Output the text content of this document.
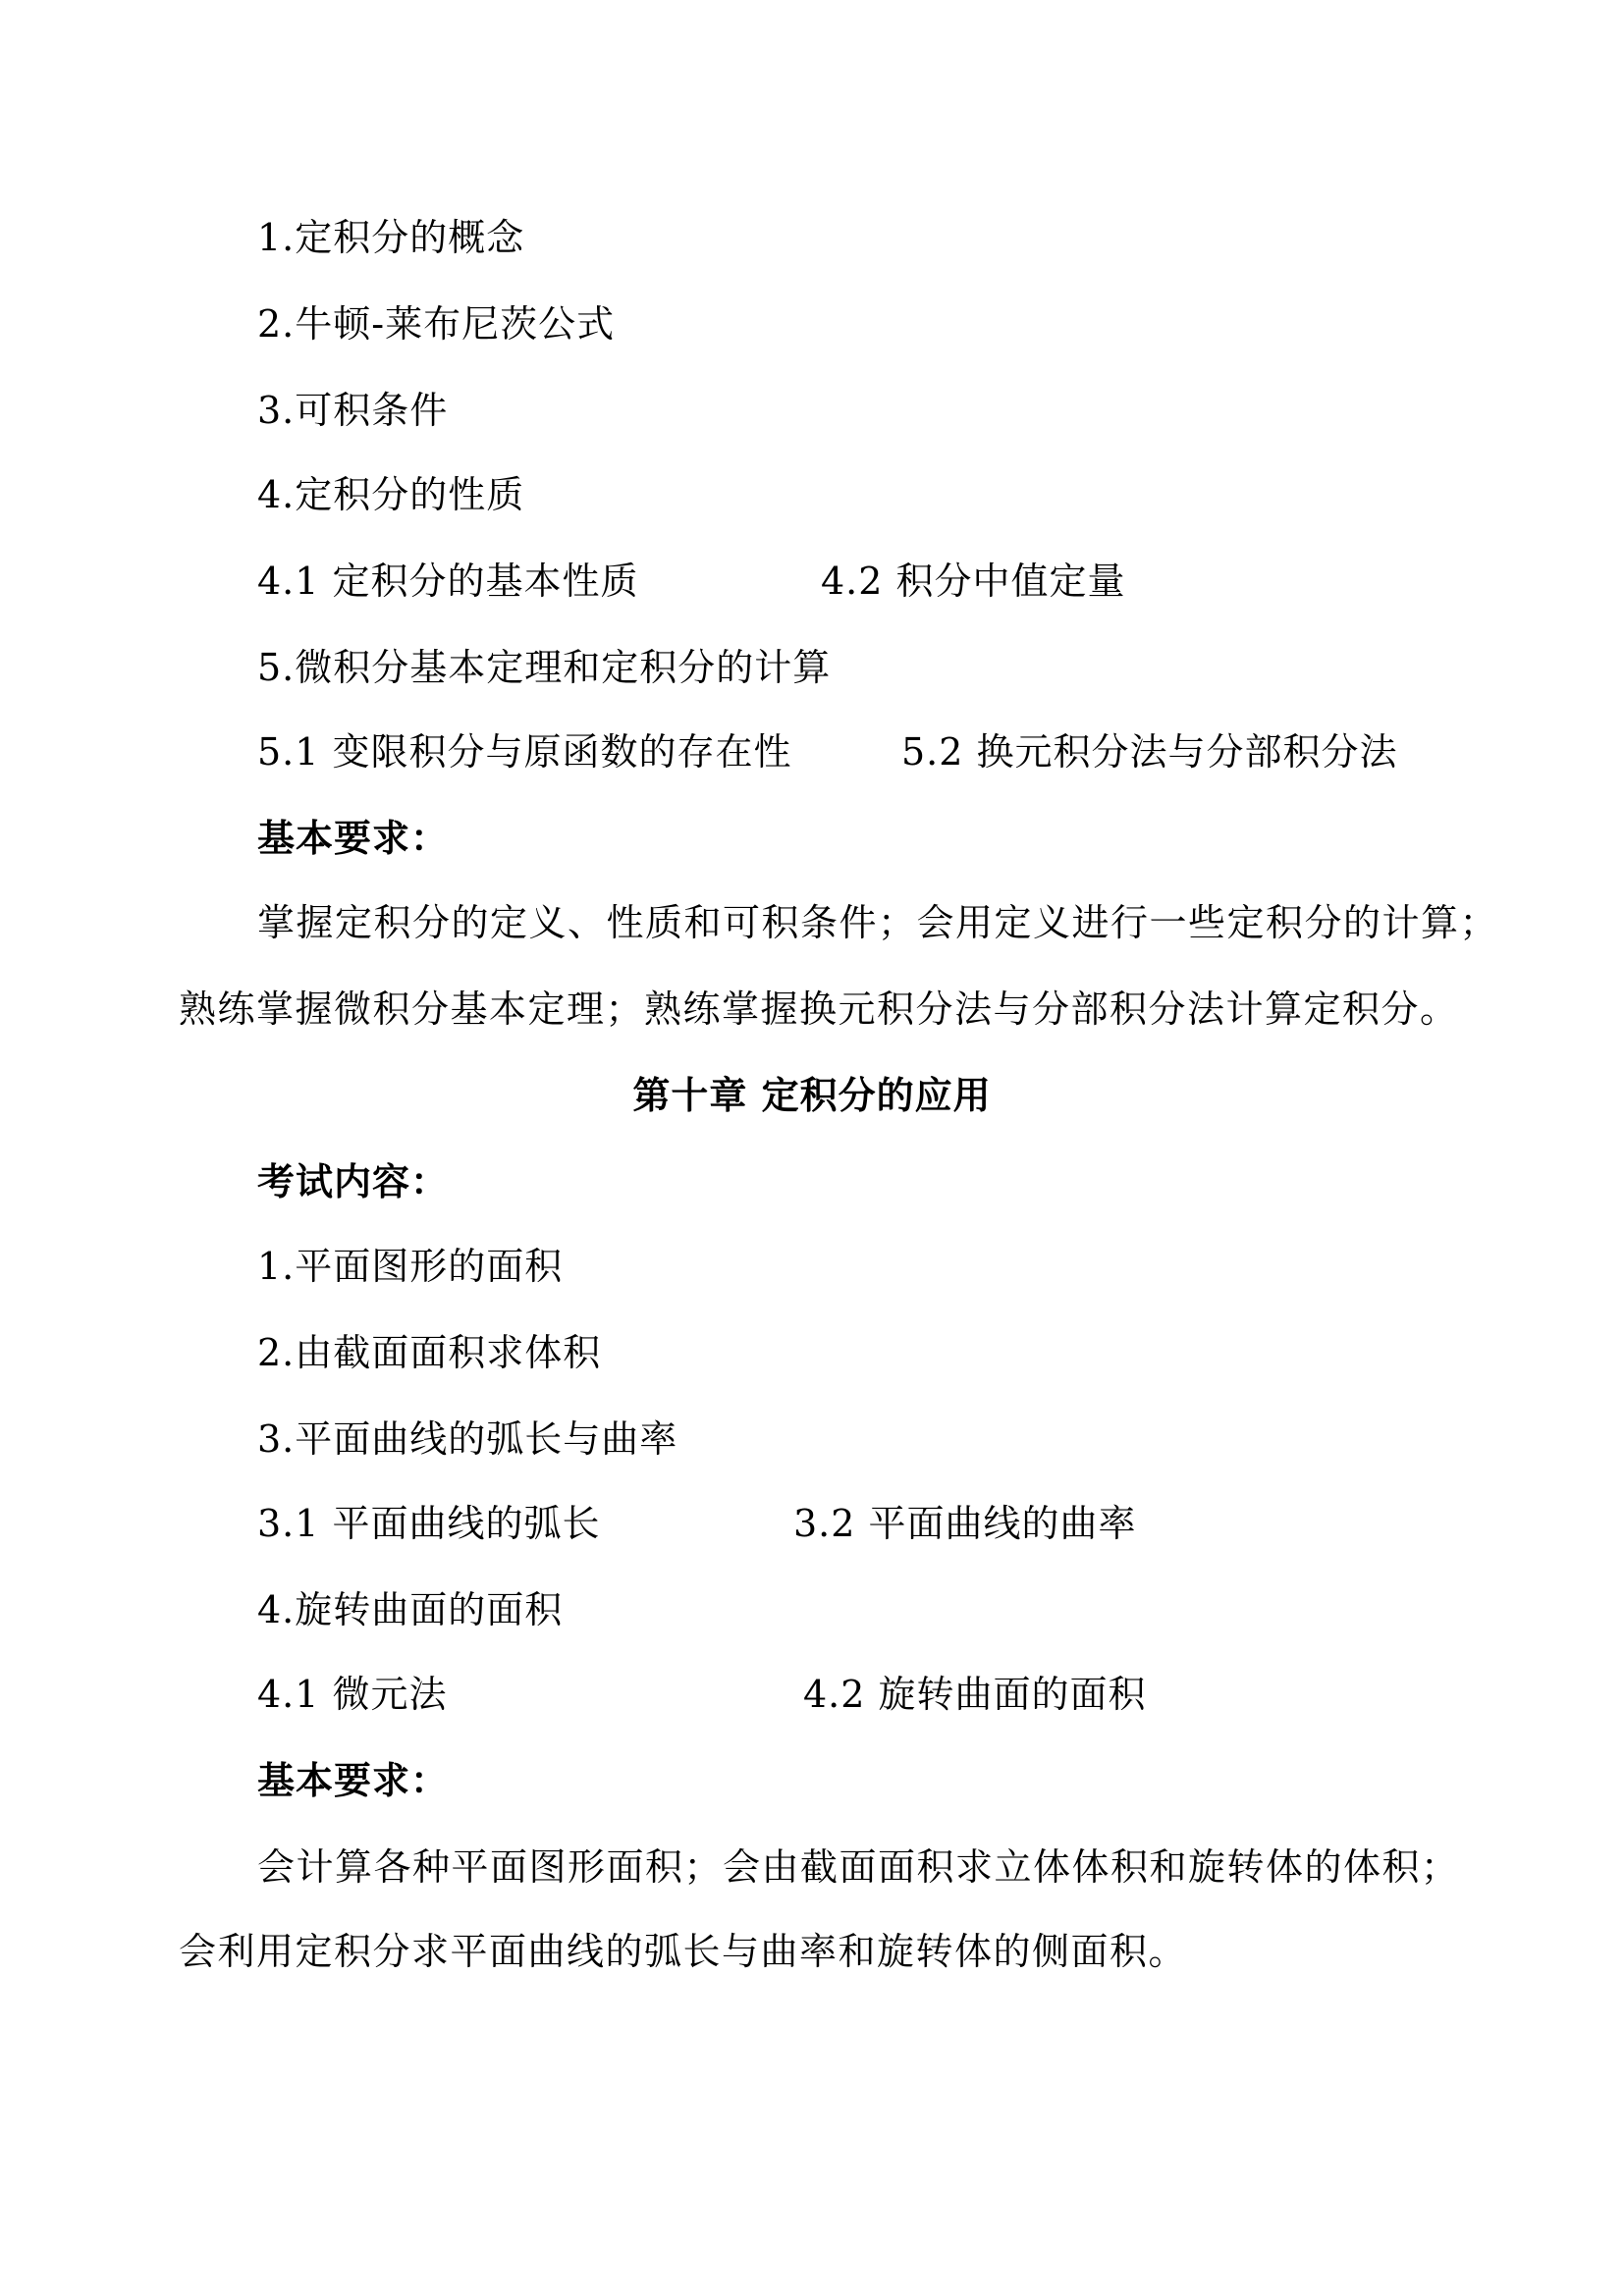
1.定积分的概念
2.牛顿-莱布尼茨公式
3.可积条件
4.定积分的性质
4.1 定积分的基本性质	4.2 积分中值定量
5.微积分基本定理和定积分的计算
5.1 变限积分与原函数的存在性	5.2 换元积分法与分部积分法
基本要求：
掌握定积分的定义、性质和可积条件；会用定义进行一些定积分的计算；
熟练掌握微积分基本定理；熟练掌握换元积分法与分部积分法计算定积分。
第十章 定积分的应用
考试内容：
1.平面图形的面积
2.由截面面积求体积
3.平面曲线的弧长与曲率
3.1 平面曲线的弧长	3.2 平面曲线的曲率
4.旋转曲面的面积
4.1 微元法	4.2 旋转曲面的面积
基本要求：
会计算各种平面图形面积；会由截面面积求立体体积和旋转体的体积；
会利用定积分求平面曲线的弧长与曲率和旋转体的侧面积。
